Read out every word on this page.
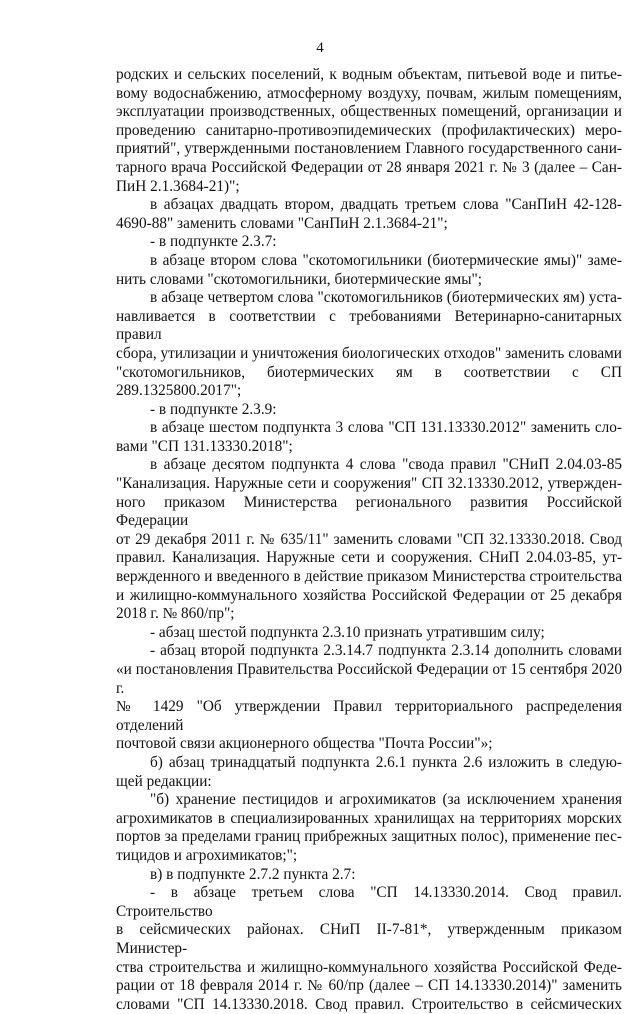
4

родских и сельских поселений, к водным объектам, питьевой воде и питье-

вому водоснабжению, атмосферному воздуху, почвам, жилым помещениям,

эксплуатации производственных, общественных помещений, организации и

проведению санитарно-противоэпидемических (профилактических) меро-

приятий", утвержденными постановлением Главного государственного сани-

тарного врача Российской Федерации от 28 января 2021 г. № 3 (далее – Сан-

ПиН 2.1.3684-21)";

в абзацах двадцать втором, двадцать третьем слова "СанПиН 42-128-

4690-88" заменить словами "СанПиН 2.1.3684-21";

- в подпункте 2.3.7:

в абзаце втором слова "скотомогильники (биотермические ямы)" заме-

нить словами "скотомогильники, биотермические ямы";

в абзаце четвертом слова "скотомогильников (биотермических ям) уста-

навливается в соответствии с требованиями Ветеринарно-санитарных правил

сбора, утилизации и уничтожения биологических отходов" заменить словами

"скотомогильников, биотермических ям в соответствии с СП 289.1325800.2017";

- в подпункте 2.3.9:

в абзаце шестом подпункта 3 слова "СП 131.13330.2012" заменить сло-

вами "СП 131.13330.2018";

в абзаце десятом подпункта 4 слова "свода правил "СНиП 2.04.03-85

"Канализация. Наружные сети и сооружения" СП 32.13330.2012, утвержден-

ного приказом Министерства регионального развития Российской Федерации

от 29 декабря 2011 г. № 635/11" заменить словами "СП 32.13330.2018. Свод

правил. Канализация. Наружные сети и сооружения. СНиП 2.04.03-85, ут-

вержденного и введенного в действие приказом Министерства строительства

и жилищно-коммунального хозяйства Российской Федерации от 25 декабря

2018 г. № 860/пр";

- абзац шестой подпункта 2.3.10 признать утратившим силу;

- абзац второй подпункта 2.3.14.7 подпункта 2.3.14 дополнить словами

«и постановления Правительства Российской Федерации от 15 сентября 2020 г.

№ 1429 "Об утверждении Правил территориального распределения отделений

почтовой связи акционерного общества "Почта России"»;

б) абзац тринадцатый подпункта 2.6.1 пункта 2.6 изложить в следую-

щей редакции:

"б) хранение пестицидов и агрохимикатов (за исключением хранения

агрохимикатов в специализированных хранилищах на территориях морских

портов за пределами границ прибрежных защитных полос), применение пес-

тицидов и агрохимикатов;";

в) в подпункте 2.7.2 пункта 2.7:

- в абзаце третьем слова "СП 14.13330.2014. Свод правил. Строительство

в сейсмических районах. СНиП II-7-81*, утвержденным приказом Министер-

ства строительства и жилищно-коммунального хозяйства Российской Феде-

рации от 18 февраля 2014 г. № 60/пр (далее – СП 14.13330.2014)" заменить

словами "СП 14.13330.2018. Свод правил. Строительство в сейсмических
